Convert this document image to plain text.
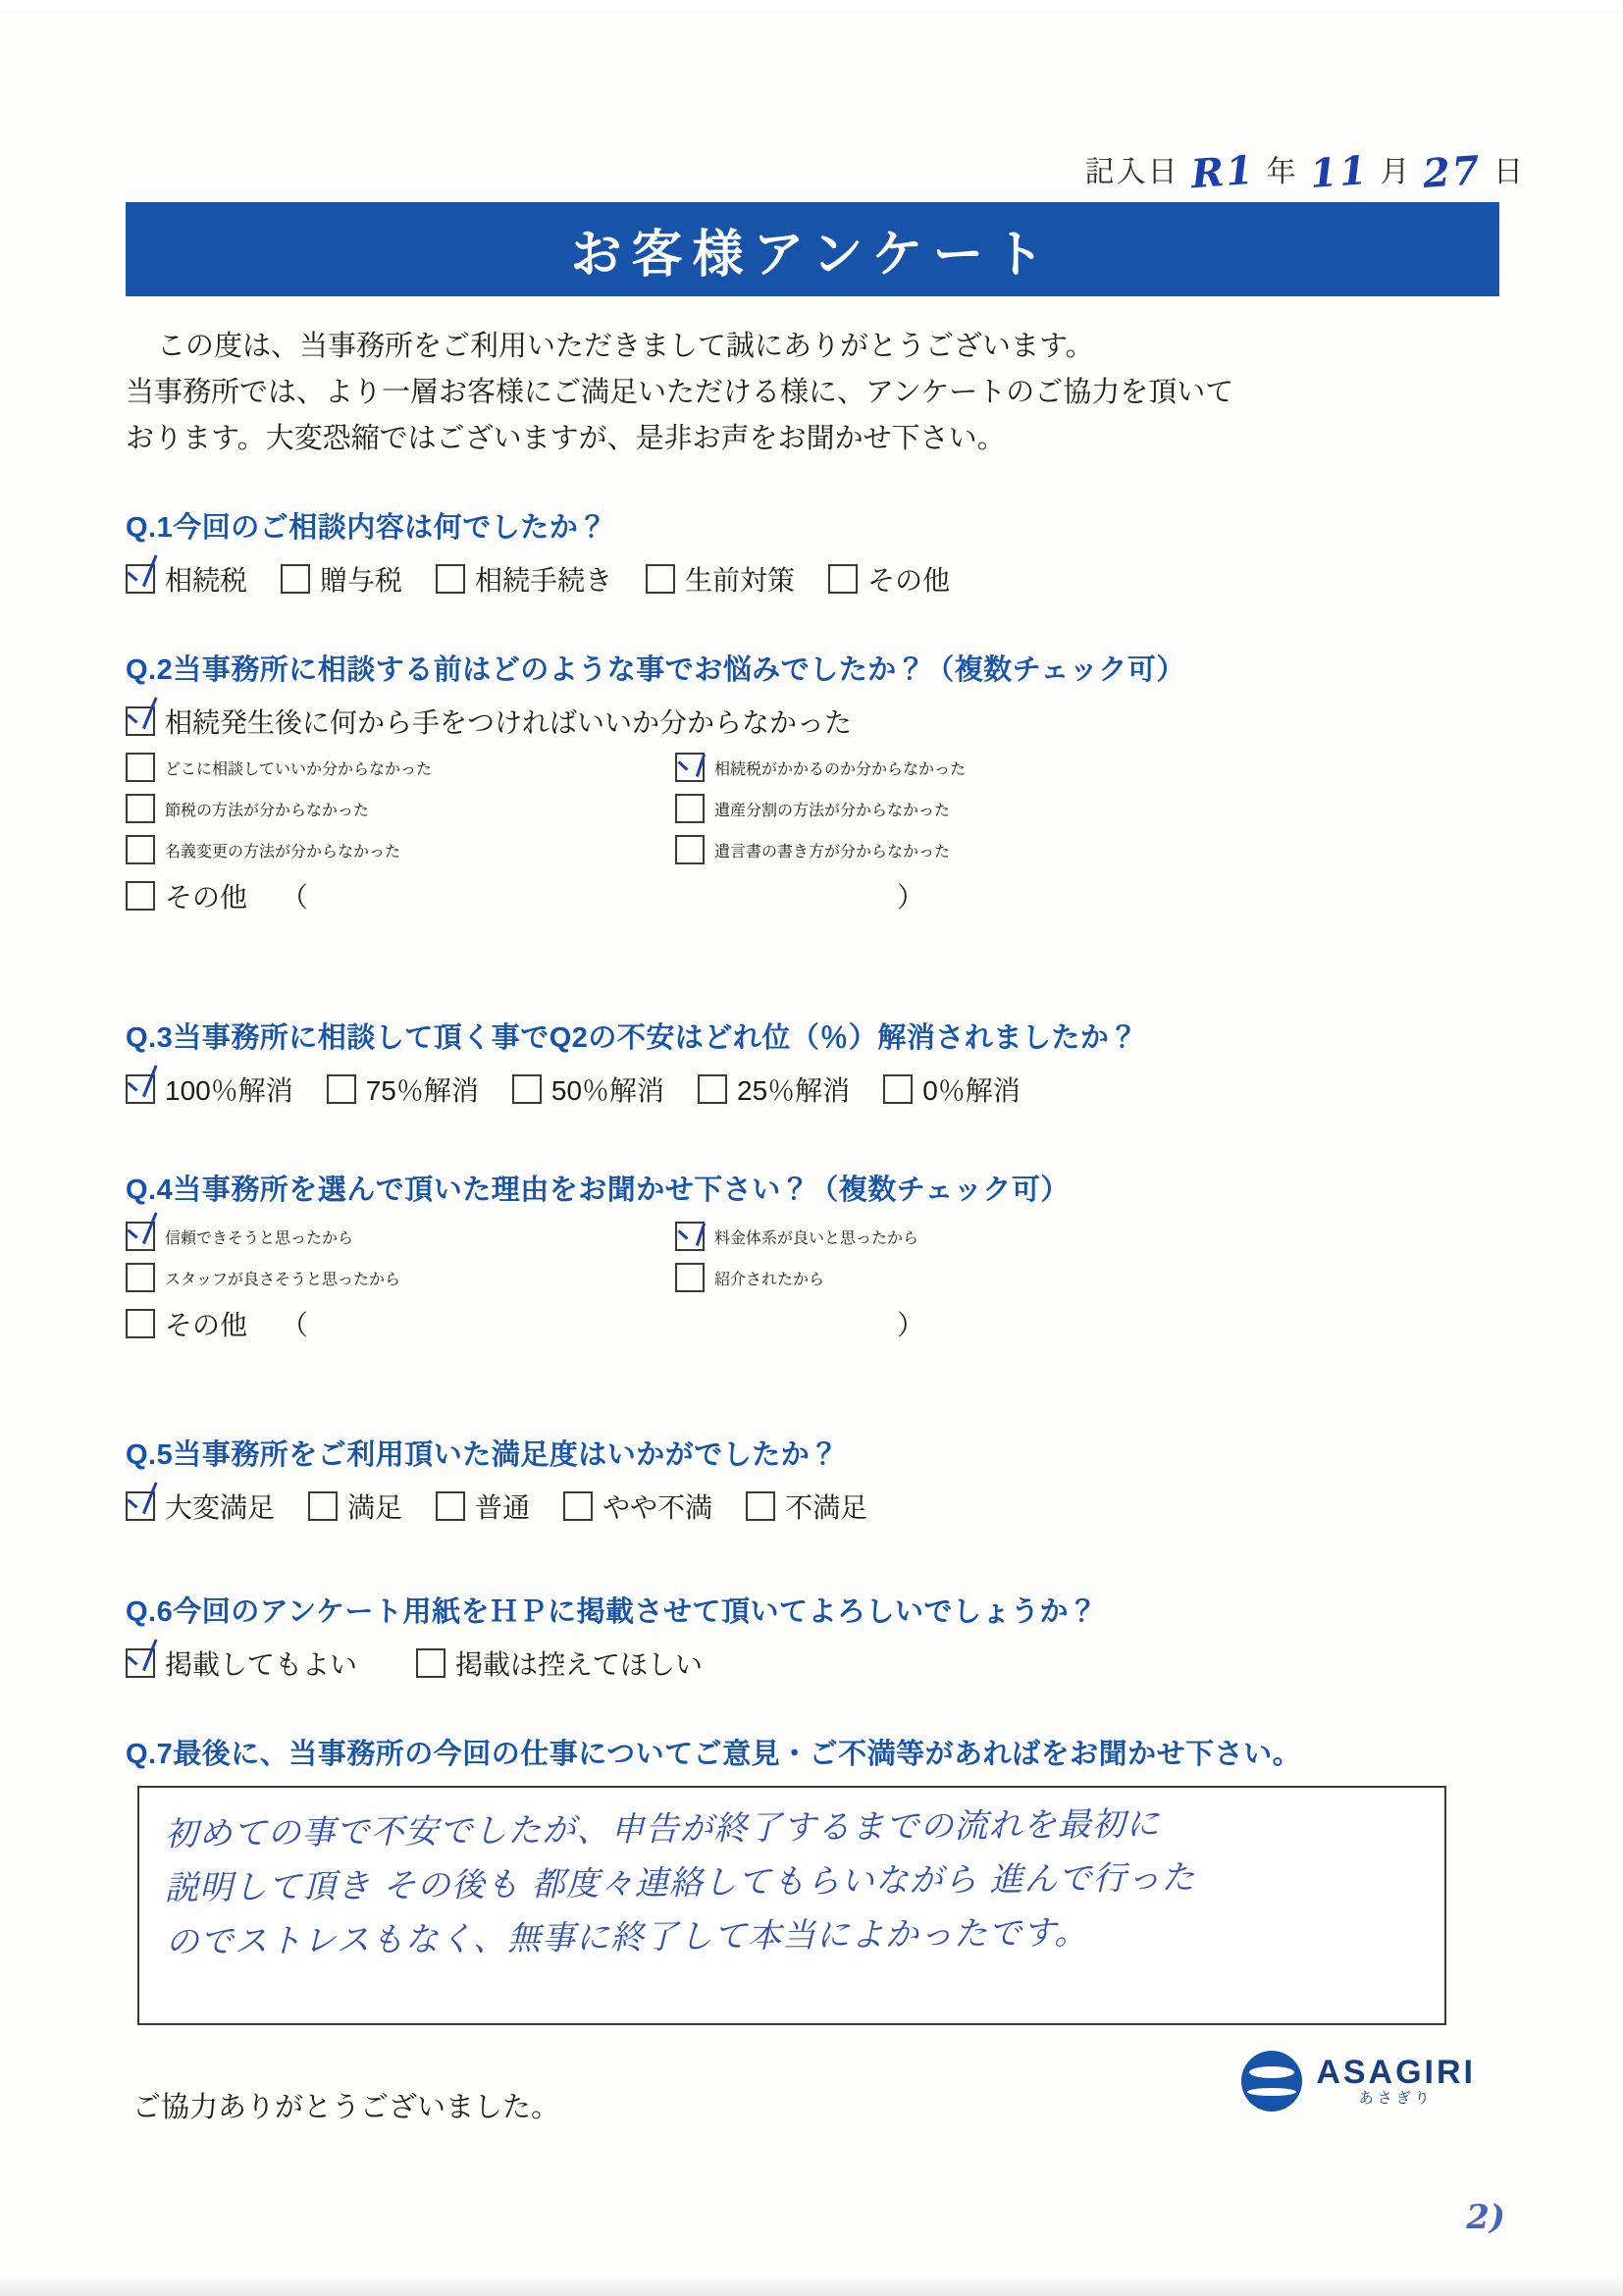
記入日 R1 年 11 月 27 日
お客様アンケート

この度は、当事務所をご利用いただきまして誠にありがとうございます。

当事務所では、より一層お客様にご満足いただける様に、アンケートのご協力を頂いて

おります。大変恐縮ではございますが、是非お声をお聞かせ下さい。

Q.1今回のご相談内容は何でしたか？
相続税	贈与税	相続手続き	生前対策	その他
Q.2当事務所に相談する前はどのような事でお悩みでしたか？（複数チェック可）
相続発生後に何から手をつければいいか分からなかった
どこに相談していいか分からなかった	相続税がかかるのか分からなかった
節税の方法が分からなかった	遺産分割の方法が分からなかった
名義変更の方法が分からなかった	遺言書の書き方が分からなかった
その他 （	）
Q.3当事務所に相談して頂く事でQ2の不安はどれ位（％）解消されましたか？
100％解消	75％解消	50％解消	25％解消	0％解消
Q.4当事務所を選んで頂いた理由をお聞かせ下さい？（複数チェック可）
信頼できそうと思ったから	料金体系が良いと思ったから
スタッフが良さそうと思ったから	紹介されたから
その他 （	）
Q.5当事務所をご利用頂いた満足度はいかがでしたか？
大変満足	満足	普通	やや不満	不満足
Q.6今回のアンケート用紙をＨＰに掲載させて頂いてよろしいでしょうか？
掲載してもよい	掲載は控えてほしい
Q.7最後に、当事務所の今回の仕事についてご意見・ご不満等があればをお聞かせ下さい。
初めての事で不安でしたが、申告が終了するまでの流れを最初に
説明して頂き その後も 都度々連絡してもらいながら 進んで行った
のでストレスもなく、無事に終了して本当によかったです。
ご協力ありがとうございました。
ASAGIRI
あさぎり
2)
